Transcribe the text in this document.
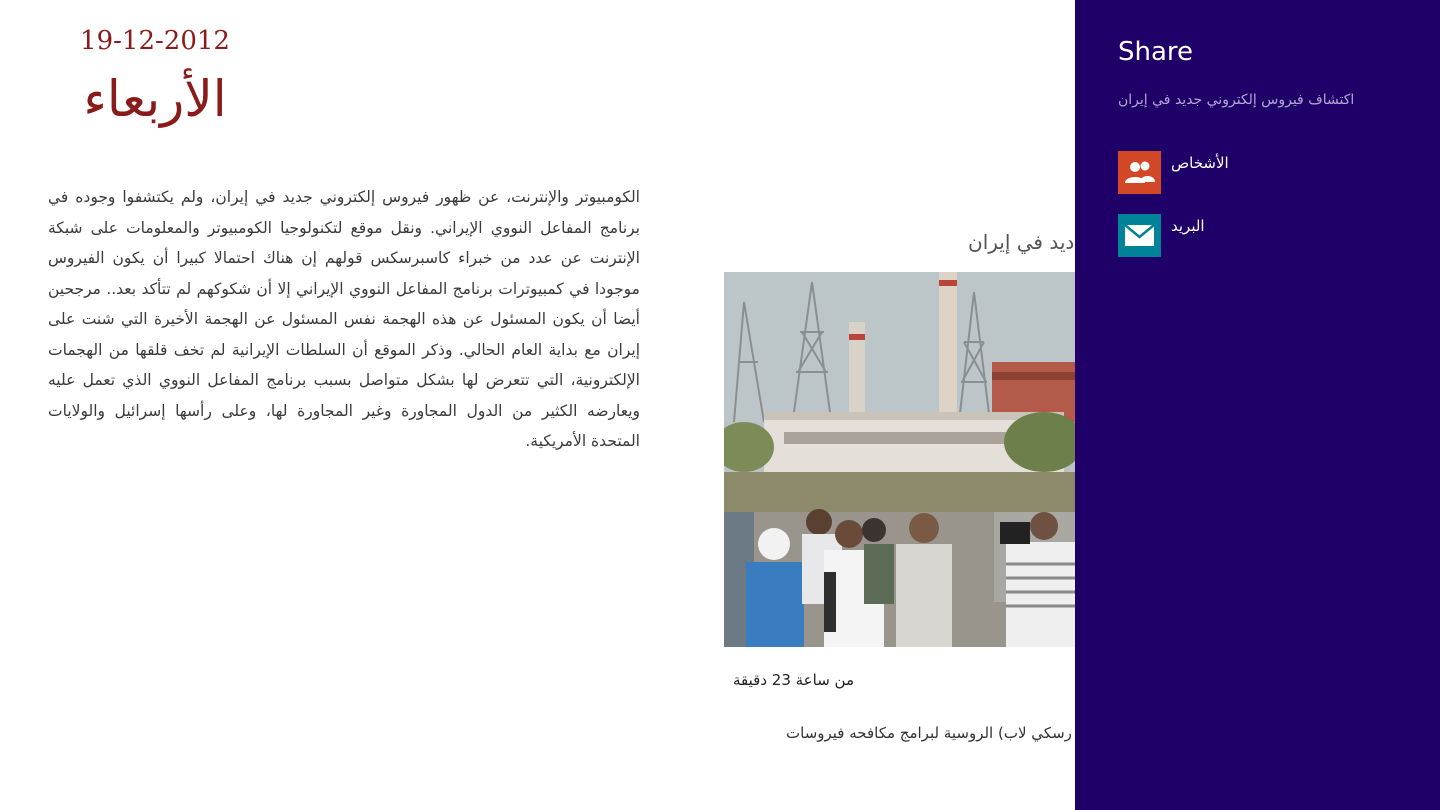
19-12-2012
الأربعاء
الكومبيوتر والإنترنت، عن ظهور فيروس إلكتروني جديد في إيران، ولم يكتشفوا وجوده في برنامج المفاعل النووي الإيراني. ونقل موقع لتكنولوجيا الكومبيوتر والمعلومات على شبكة الإنترنت عن عدد من خبراء كاسبرسكس قولهم إن هناك احتمالا كبيرا أن يكون الفيروس موجودا في كمبيوترات برنامج المفاعل النووي الإيراني إلا أن شكوكهم لم تتأكد بعد.. مرجحين أيضا أن يكون المسئول عن هذه الهجمة نفس المسئول عن الهجمة الأخيرة التي شنت على إيران مع بداية العام الحالي. وذكر الموقع أن السلطات الإيرانية لم تخف قلقها من الهجمات الإلكترونية، التي تتعرض لها بشكل متواصل بسبب برنامج المفاعل النووي الذي تعمل عليه ويعارضه الكثير من الدول المجاورة وغير المجاورة لها، وعلى رأسها إسرائيل والولايات المتحدة الأمريكية.
ديد في إيران
من ساعة 23 دقيقة
رسكي لاب) الروسية لبرامج مكافحه فيروسات
Share
اكتشاف فيروس إلكتروني جديد في إيران
الأشخاص
البريد
